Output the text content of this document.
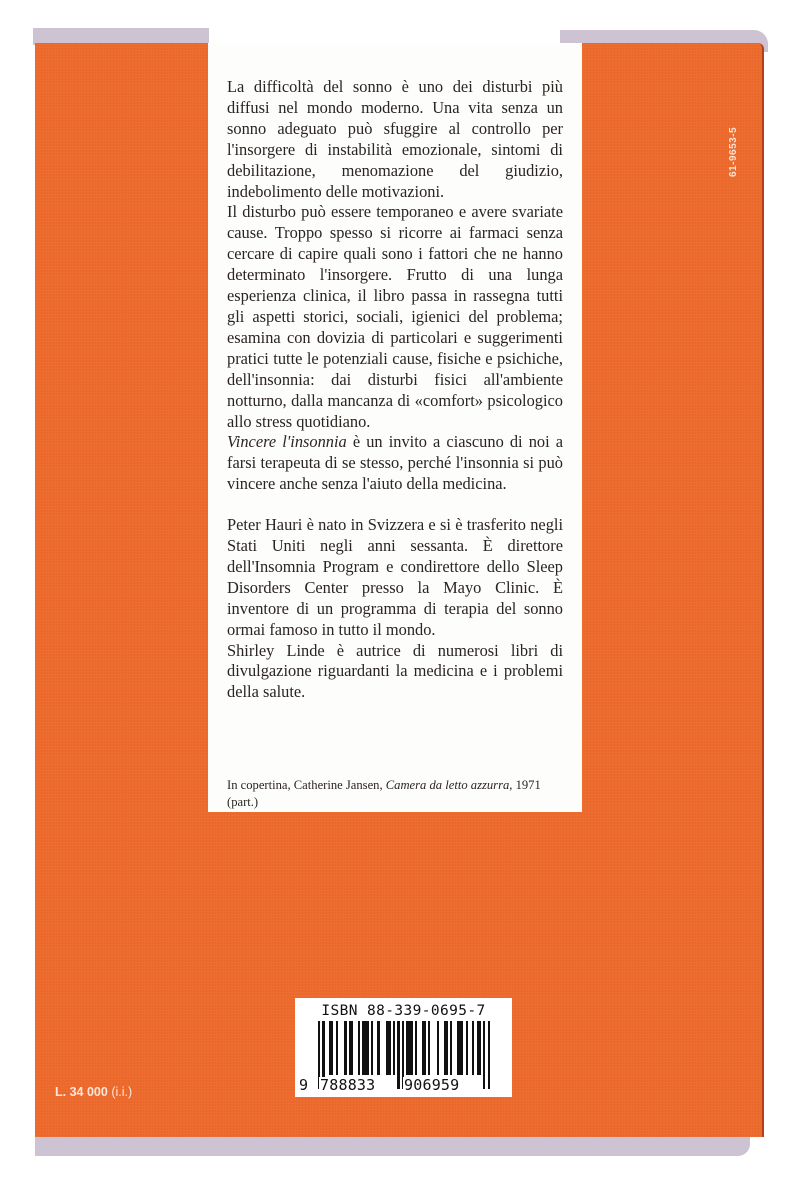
La difficoltà del sonno è uno dei disturbi più diffusi nel mondo moderno. Una vita senza un sonno adeguato può sfuggire al controllo per l'insorgere di instabilità emozionale, sintomi di debilitazione, menomazione del giudizio, indebolimento delle motivazioni.

Il disturbo può essere temporaneo e avere svariate cause. Troppo spesso si ricorre ai farmaci senza cercare di capire quali sono i fattori che ne hanno determinato l'insorgere. Frutto di una lunga esperienza clinica, il libro passa in rassegna tutti gli aspetti storici, sociali, igienici del problema; esamina con dovizia di particolari e suggerimenti pratici tutte le potenziali cause, fisiche e psichiche, dell'insonnia: dai disturbi fisici all'ambiente notturno, dalla mancanza di «comfort» psicologico allo stress quotidiano.

Vincere l'insonnia è un invito a ciascuno di noi a farsi terapeuta di se stesso, perché l'insonnia si può vincere anche senza l'aiuto della medicina.

Peter Hauri è nato in Svizzera e si è trasferito negli Stati Uniti negli anni sessanta. È direttore dell'Insomnia Program e condirettore dello Sleep Disorders Center presso la Mayo Clinic. È inventore di un programma di terapia del sonno ormai famoso in tutto il mondo.

Shirley Linde è autrice di numerosi libri di divulgazione riguardanti la medicina e i problemi della salute.

In copertina, Catherine Jansen, Camera da letto azzurra, 1971 (part.)
61-9653-5
L. 34 000 (i.i.)
ISBN 88-339-0695-7
9 788833 906959
